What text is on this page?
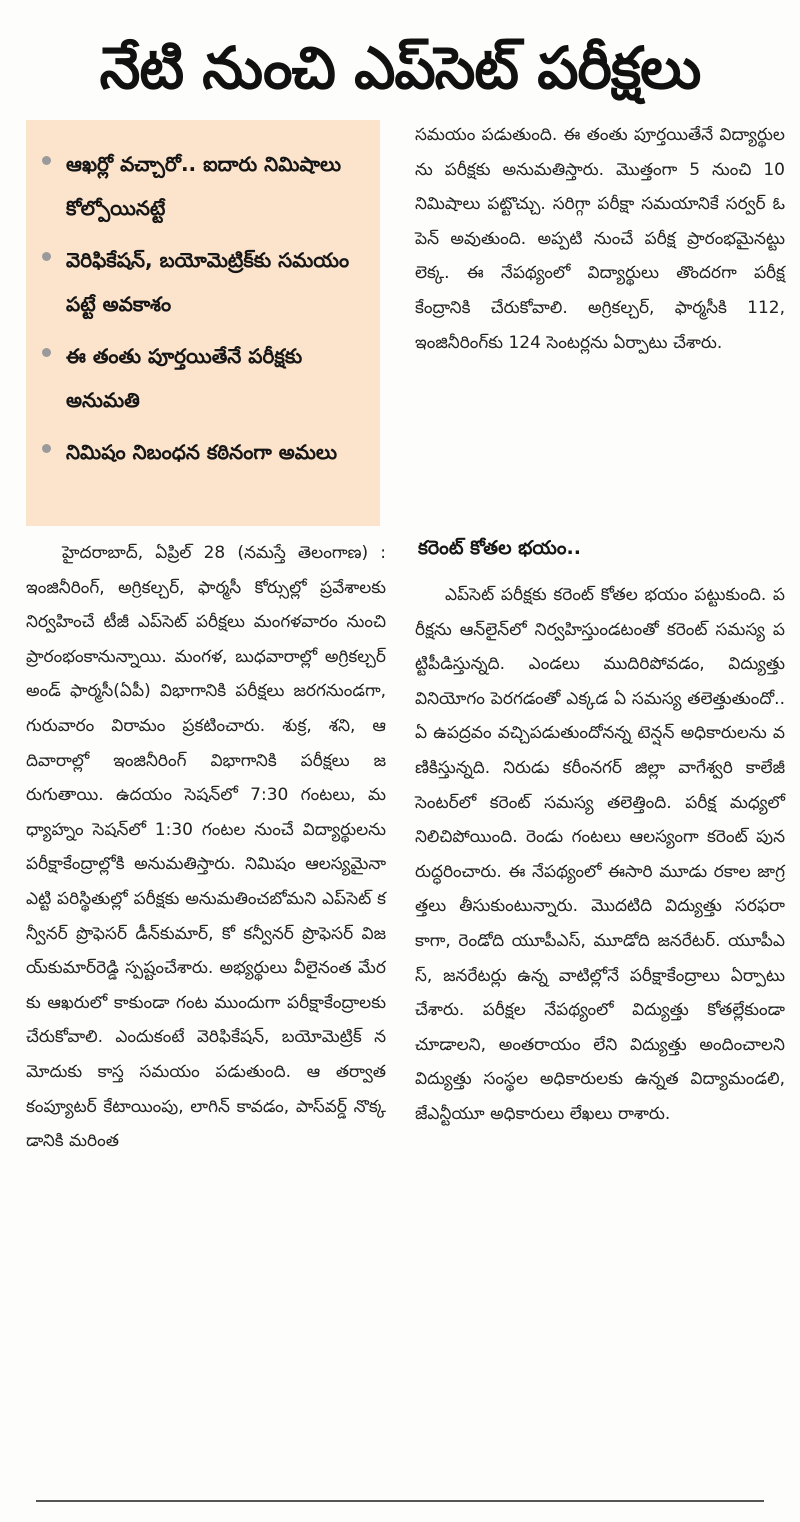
నేటి నుంచి ఎప్‌సెట్‌ పరీక్షలు
ఆఖర్లో వచ్చారో.. ఐదారు నిమిషాలు కోల్పోయినట్టే
వెరిఫికేషన్‌, బయోమెట్రిక్‌కు సమయం పట్టే అవకాశం
ఈ తంతు పూర్తయితేనే పరీక్షకు అనుమతి
నిమిషం నిబంధన కఠినంగా అమలు
హైదరాబాద్‌, ఏప్రిల్‌ 28 (నమస్తే తెలంగాణ) : ఇంజినీరింగ్‌, అగ్రికల్చర్‌, ఫార్మసీ కోర్సుల్లో ప్రవేశాలకు నిర్వహించే టీజీ ఎప్‌సెట్‌ పరీక్షలు మంగళవారం నుంచి ప్రారంభంకానున్నాయి. మంగళ, బుధవారాల్లో అగ్రికల్చర్‌ అండ్‌ ఫార్మసీ(ఏపీ) విభాగానికి పరీక్షలు జరగనుండగా, గురువారం విరామం ప్రకటించారు. శుక్ర, శని, ఆదివారాల్లో ఇంజినీరింగ్‌ విభాగానికి పరీక్షలు జరుగుతాయి. ఉదయం సెషన్‌లో 7:30 గంటలు, మధ్యాహ్నం సెషన్‌లో 1:30 గంటల నుంచే విద్యార్థులను పరీక్షాకేంద్రాల్లోకి అనుమతిస్తారు. నిమిషం ఆలస్యమైనా ఎట్టి పరిస్థితుల్లో పరీక్షకు అనుమతించబోమని ఎప్‌సెట్‌ కన్వీనర్‌ ప్రొఫెసర్‌ డీన్‌కుమార్‌, కో కన్వీనర్‌ ప్రొఫెసర్‌ విజయ్‌కుమార్‌రెడ్డి స్పష్టంచేశారు. అభ్యర్థులు వీలైనంత మేరకు ఆఖరులో కాకుండా గంట ముందుగా పరీక్షాకేంద్రాలకు చేరుకోవాలి. ఎందుకంటే వెరిఫికేషన్‌, బయోమెట్రిక్‌ నమోదుకు కాస్త సమయం పడుతుంది. ఆ తర్వాత కంప్యూటర్‌ కేటాయింపు, లాగిన్‌ కావడం, పాస్‌వర్డ్‌ నొక్కడానికి మరింత
సమయం పడుతుంది. ఈ తంతు పూర్తయితేనే విద్యార్థులను పరీక్షకు అనుమతిస్తారు. మొత్తంగా 5 నుంచి 10 నిమిషాలు పట్టొచ్చు. సరిగ్గా పరీక్షా సమయానికే సర్వర్‌ ఓపెన్‌ అవుతుంది. అప్పటి నుంచే పరీక్ష ప్రారంభమైనట్టు లెక్క. ఈ నేపథ్యంలో విద్యార్థులు తొందరగా పరీక్ష కేంద్రానికి చేరుకోవాలి. అగ్రికల్చర్‌, ఫార్మసీకి 112, ఇంజినీరింగ్‌కు 124 సెంటర్లను ఏర్పాటు చేశారు.
కరెంట్‌ కోతల భయం..
ఎప్‌సెట్‌ పరీక్షకు కరెంట్‌ కోతల భయం పట్టుకుంది. పరీక్షను ఆన్‌లైన్‌లో నిర్వహిస్తుండటంతో కరెంట్‌ సమస్య పట్టిపీడిస్తున్నది. ఎండలు ముదిరిపోవడం, విద్యుత్తు వినియోగం పెరగడంతో ఎక్కడ ఏ సమస్య తలెత్తుతుందో.. ఏ ఉపద్రవం వచ్చిపడుతుందోనన్న టెన్షన్‌ అధికారులను వణికిస్తున్నది. నిరుడు కరీంనగర్‌ జిల్లా వాగేశ్వరి కాలేజీ సెంటర్‌లో కరెంట్‌ సమస్య తలెత్తింది. పరీక్ష మధ్యలో నిలిచిపోయింది. రెండు గంటలు ఆలస్యంగా కరెంట్‌ పునరుద్ధరించారు. ఈ నేపథ్యంలో ఈసారి మూడు రకాల జాగ్రత్తలు తీసుకుంటున్నారు. మొదటిది విద్యుత్తు సరఫరా కాగా, రెండోది యూపీఎస్‌, మూడోది జనరేటర్‌. యూపీఎస్‌, జనరేటర్లు ఉన్న వాటిల్లోనే పరీక్షాకేంద్రాలు ఏర్పాటు చేశారు. పరీక్షల నేపథ్యంలో విద్యుత్తు కోతల్లేకుండా చూడాలని, అంతరాయం లేని విద్యుత్తు అందించాలని విద్యుత్తు సంస్థల అధికారులకు ఉన్నత విద్యామండలి, జేఎన్టీయూ అధికారులు లేఖలు రాశారు.
